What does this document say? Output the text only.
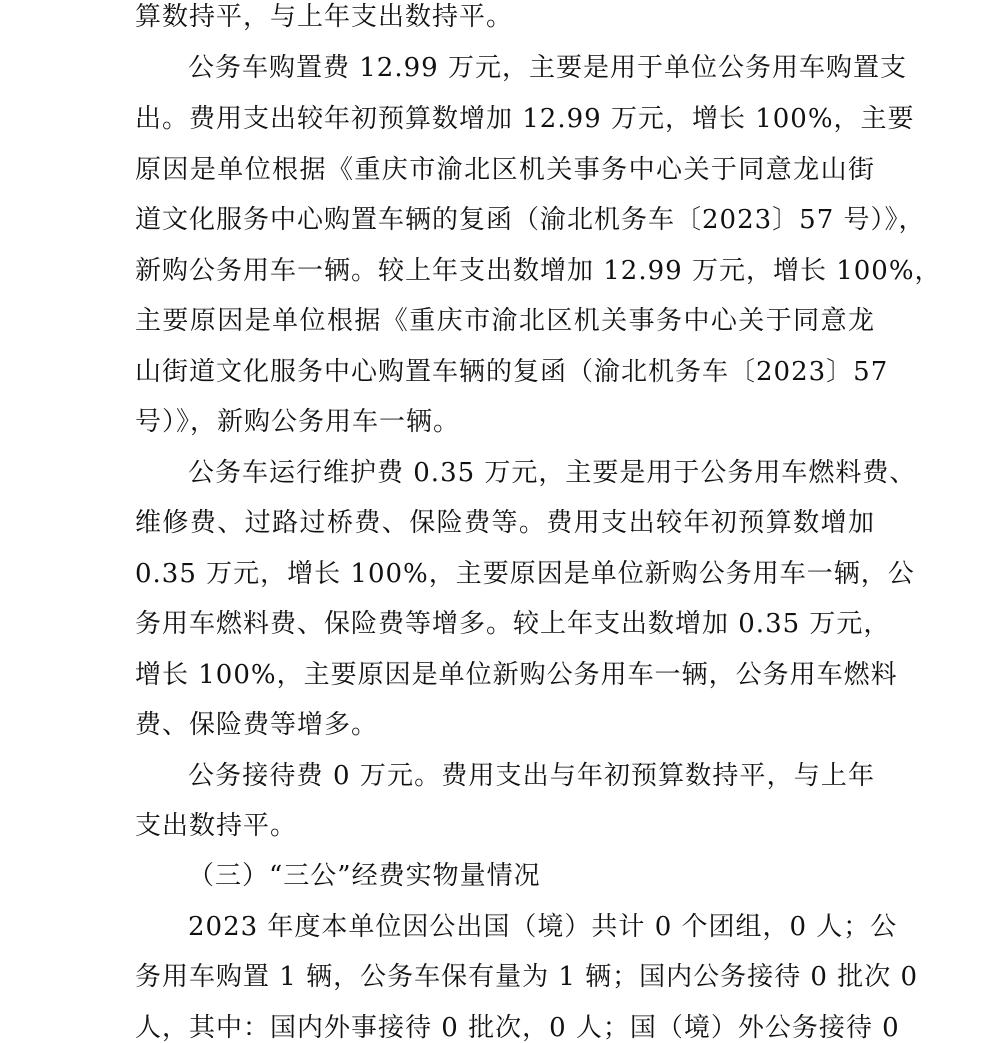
算数持平，与上年支出数持平。
公务车购置费 12.99 万元，主要是用于单位公务用车购置支
出。费用支出较年初预算数增加 12.99 万元，增长 100%，主要
原因是单位根据《重庆市渝北区机关事务中心关于同意龙山街
道文化服务中心购置车辆的复函（渝北机务车〔2023〕57 号）》，
新购公务用车一辆。较上年支出数增加 12.99 万元，增长 100%，
主要原因是单位根据《重庆市渝北区机关事务中心关于同意龙
山街道文化服务中心购置车辆的复函（渝北机务车〔2023〕57
号）》，新购公务用车一辆。
公务车运行维护费 0.35 万元，主要是用于公务用车燃料费、
维修费、过路过桥费、保险费等。费用支出较年初预算数增加
0.35 万元，增长 100%，主要原因是单位新购公务用车一辆，公
务用车燃料费、保险费等增多。较上年支出数增加 0.35 万元，
增长 100%，主要原因是单位新购公务用车一辆，公务用车燃料
费、保险费等增多。
公务接待费 0 万元。费用支出与年初预算数持平，与上年
支出数持平。
（三）“三公”经费实物量情况
2023 年度本单位因公出国（境）共计 0 个团组，0 人；公
务用车购置 1 辆，公务车保有量为 1 辆；国内公务接待 0 批次 0
人，其中：国内外事接待 0 批次，0 人；国（境）外公务接待 0
